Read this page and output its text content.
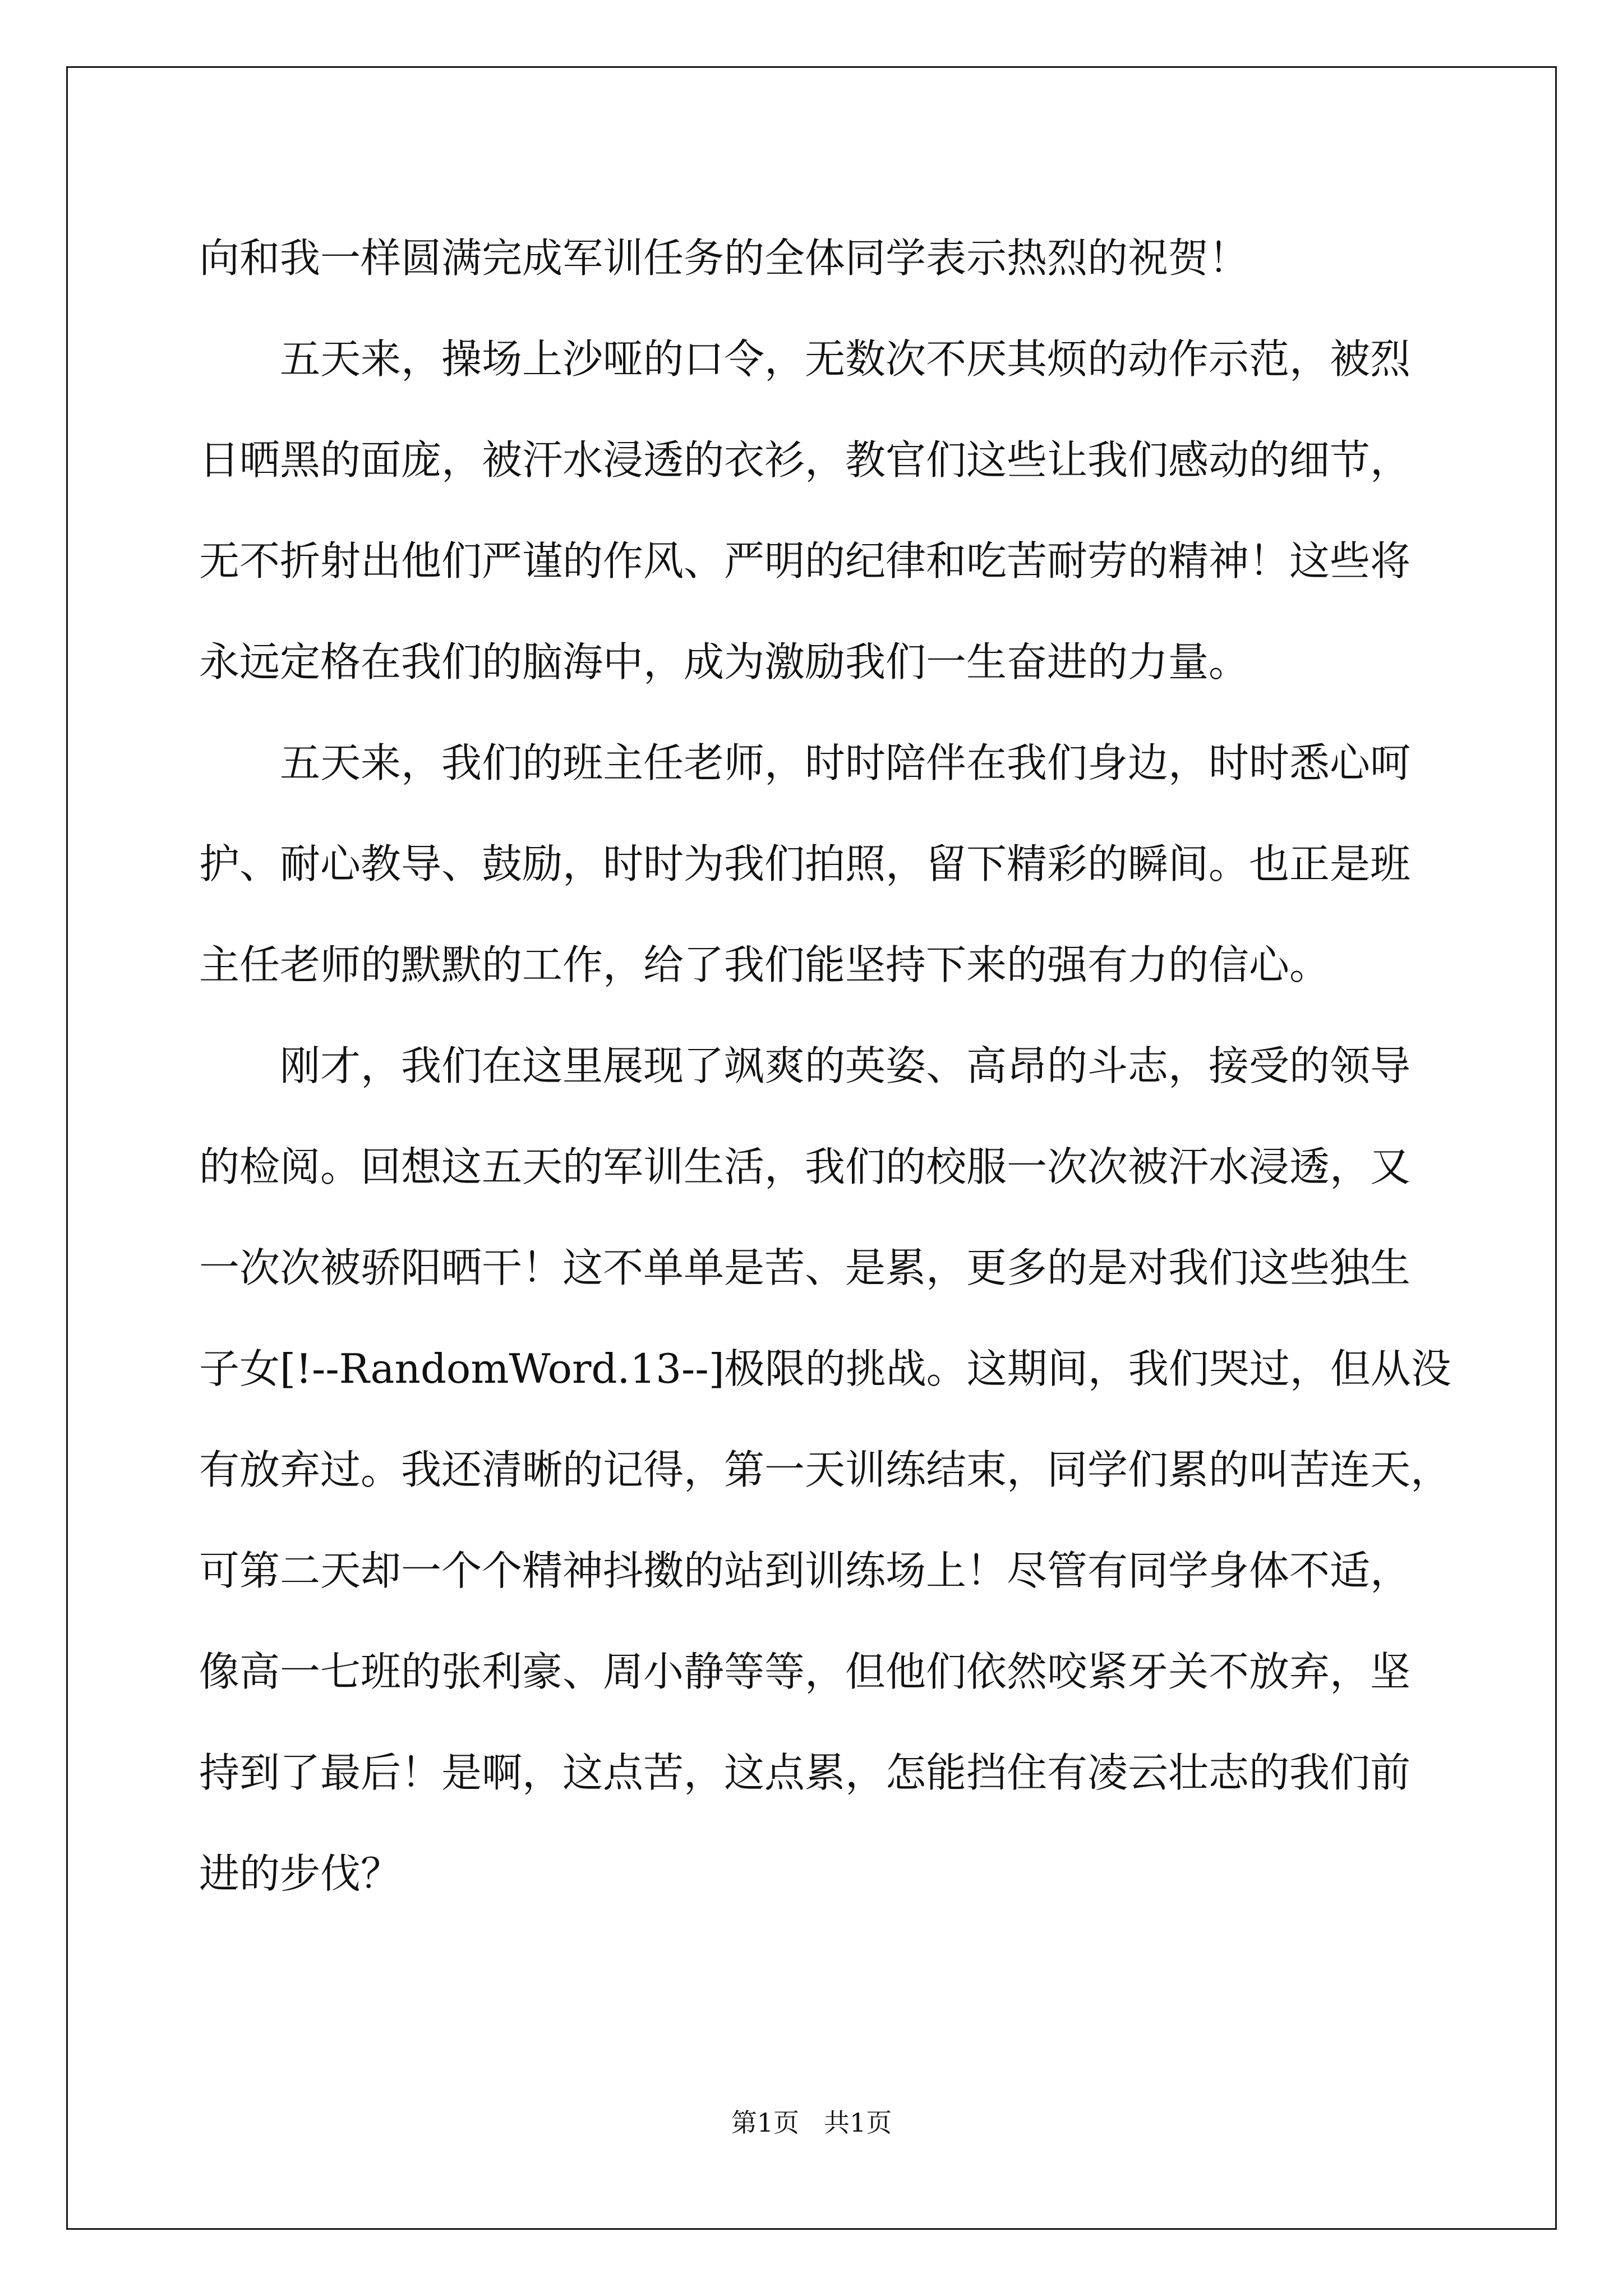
向和我一样圆满完成军训任务的全体同学表示热烈的祝贺！
五天来，操场上沙哑的口令，无数次不厌其烦的动作示范，被烈
日晒黑的面庞，被汗水浸透的衣衫，教官们这些让我们感动的细节，
无不折射出他们严谨的作风、严明的纪律和吃苦耐劳的精神！这些将
永远定格在我们的脑海中，成为激励我们一生奋进的力量。
五天来，我们的班主任老师，时时陪伴在我们身边，时时悉心呵
护、耐心教导、鼓励，时时为我们拍照，留下精彩的瞬间。也正是班
主任老师的默默的工作，给了我们能坚持下来的强有力的信心。
刚才，我们在这里展现了飒爽的英姿、高昂的斗志，接受的领导
的检阅。回想这五天的军训生活，我们的校服一次次被汗水浸透，又
一次次被骄阳晒干！这不单单是苦、是累，更多的是对我们这些独生
子女[!--RandomWord.13--]极限的挑战。这期间，我们哭过，但从没
有放弃过。我还清晰的记得，第一天训练结束，同学们累的叫苦连天，
可第二天却一个个精神抖擞的站到训练场上！尽管有同学身体不适，
像高一七班的张利豪、周小静等等，但他们依然咬紧牙关不放弃，坚
持到了最后！是啊，这点苦，这点累，怎能挡住有凌云壮志的我们前
进的步伐？
第1页 共1页
